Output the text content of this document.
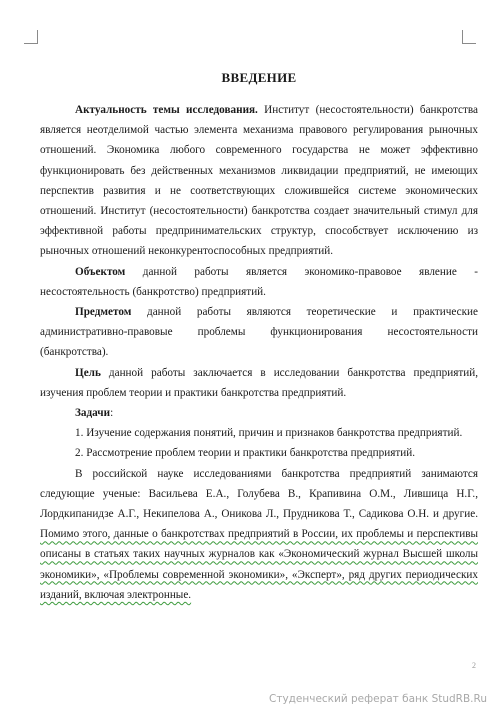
ВВЕДЕНИЕ

Актуальность темы исследования. Институт (несостоятельности) банкротства является неотделимой частью элемента механизма правового регулирования рыночных отношений. Экономика любого современного государства не может эффективно функционировать без действенных механизмов ликвидации предприятий, не имеющих перспектив развития и не соответствующих сложившейся системе экономических отношений. Институт (несостоятельности) банкротства создает значительный стимул для эффективной работы предпринимательских структур, способствует исключению из рыночных отношений неконкурентоспособных предприятий.

Объектом данной работы является экономико-правовое явление - несостоятельность (банкротство) предприятий.

Предметом данной работы являются теоретические и практические административно-правовые проблемы функционирования несостоятельности (банкротства).

Цель данной работы заключается в исследовании банкротства предприятий, изучения проблем теории и практики банкротства предприятий.

Задачи:

1. Изучение содержания понятий, причин и признаков банкротства предприятий.

2. Рассмотрение проблем теории и практики банкротства предприятий.

В российской науке исследованиями банкротства предприятий занимаются следующие ученые: Васильева Е.А., Голубева В., Крапивина О.М., Лившица Н.Г., Лордкипанидзе А.Г., Некипелова А., Оникова Л., Прудникова Т., Садикова О.Н. и другие. Помимо этого, данные о банкротствах предприятий в России, их проблемы и перспективы описаны в статьях таких научных журналов как «Экономический журнал Высшей школы экономики», «Проблемы современной экономики», «Эксперт», ряд других периодических изданий, включая электронные.

2
Студенческий реферат банк StudRB.Ru
